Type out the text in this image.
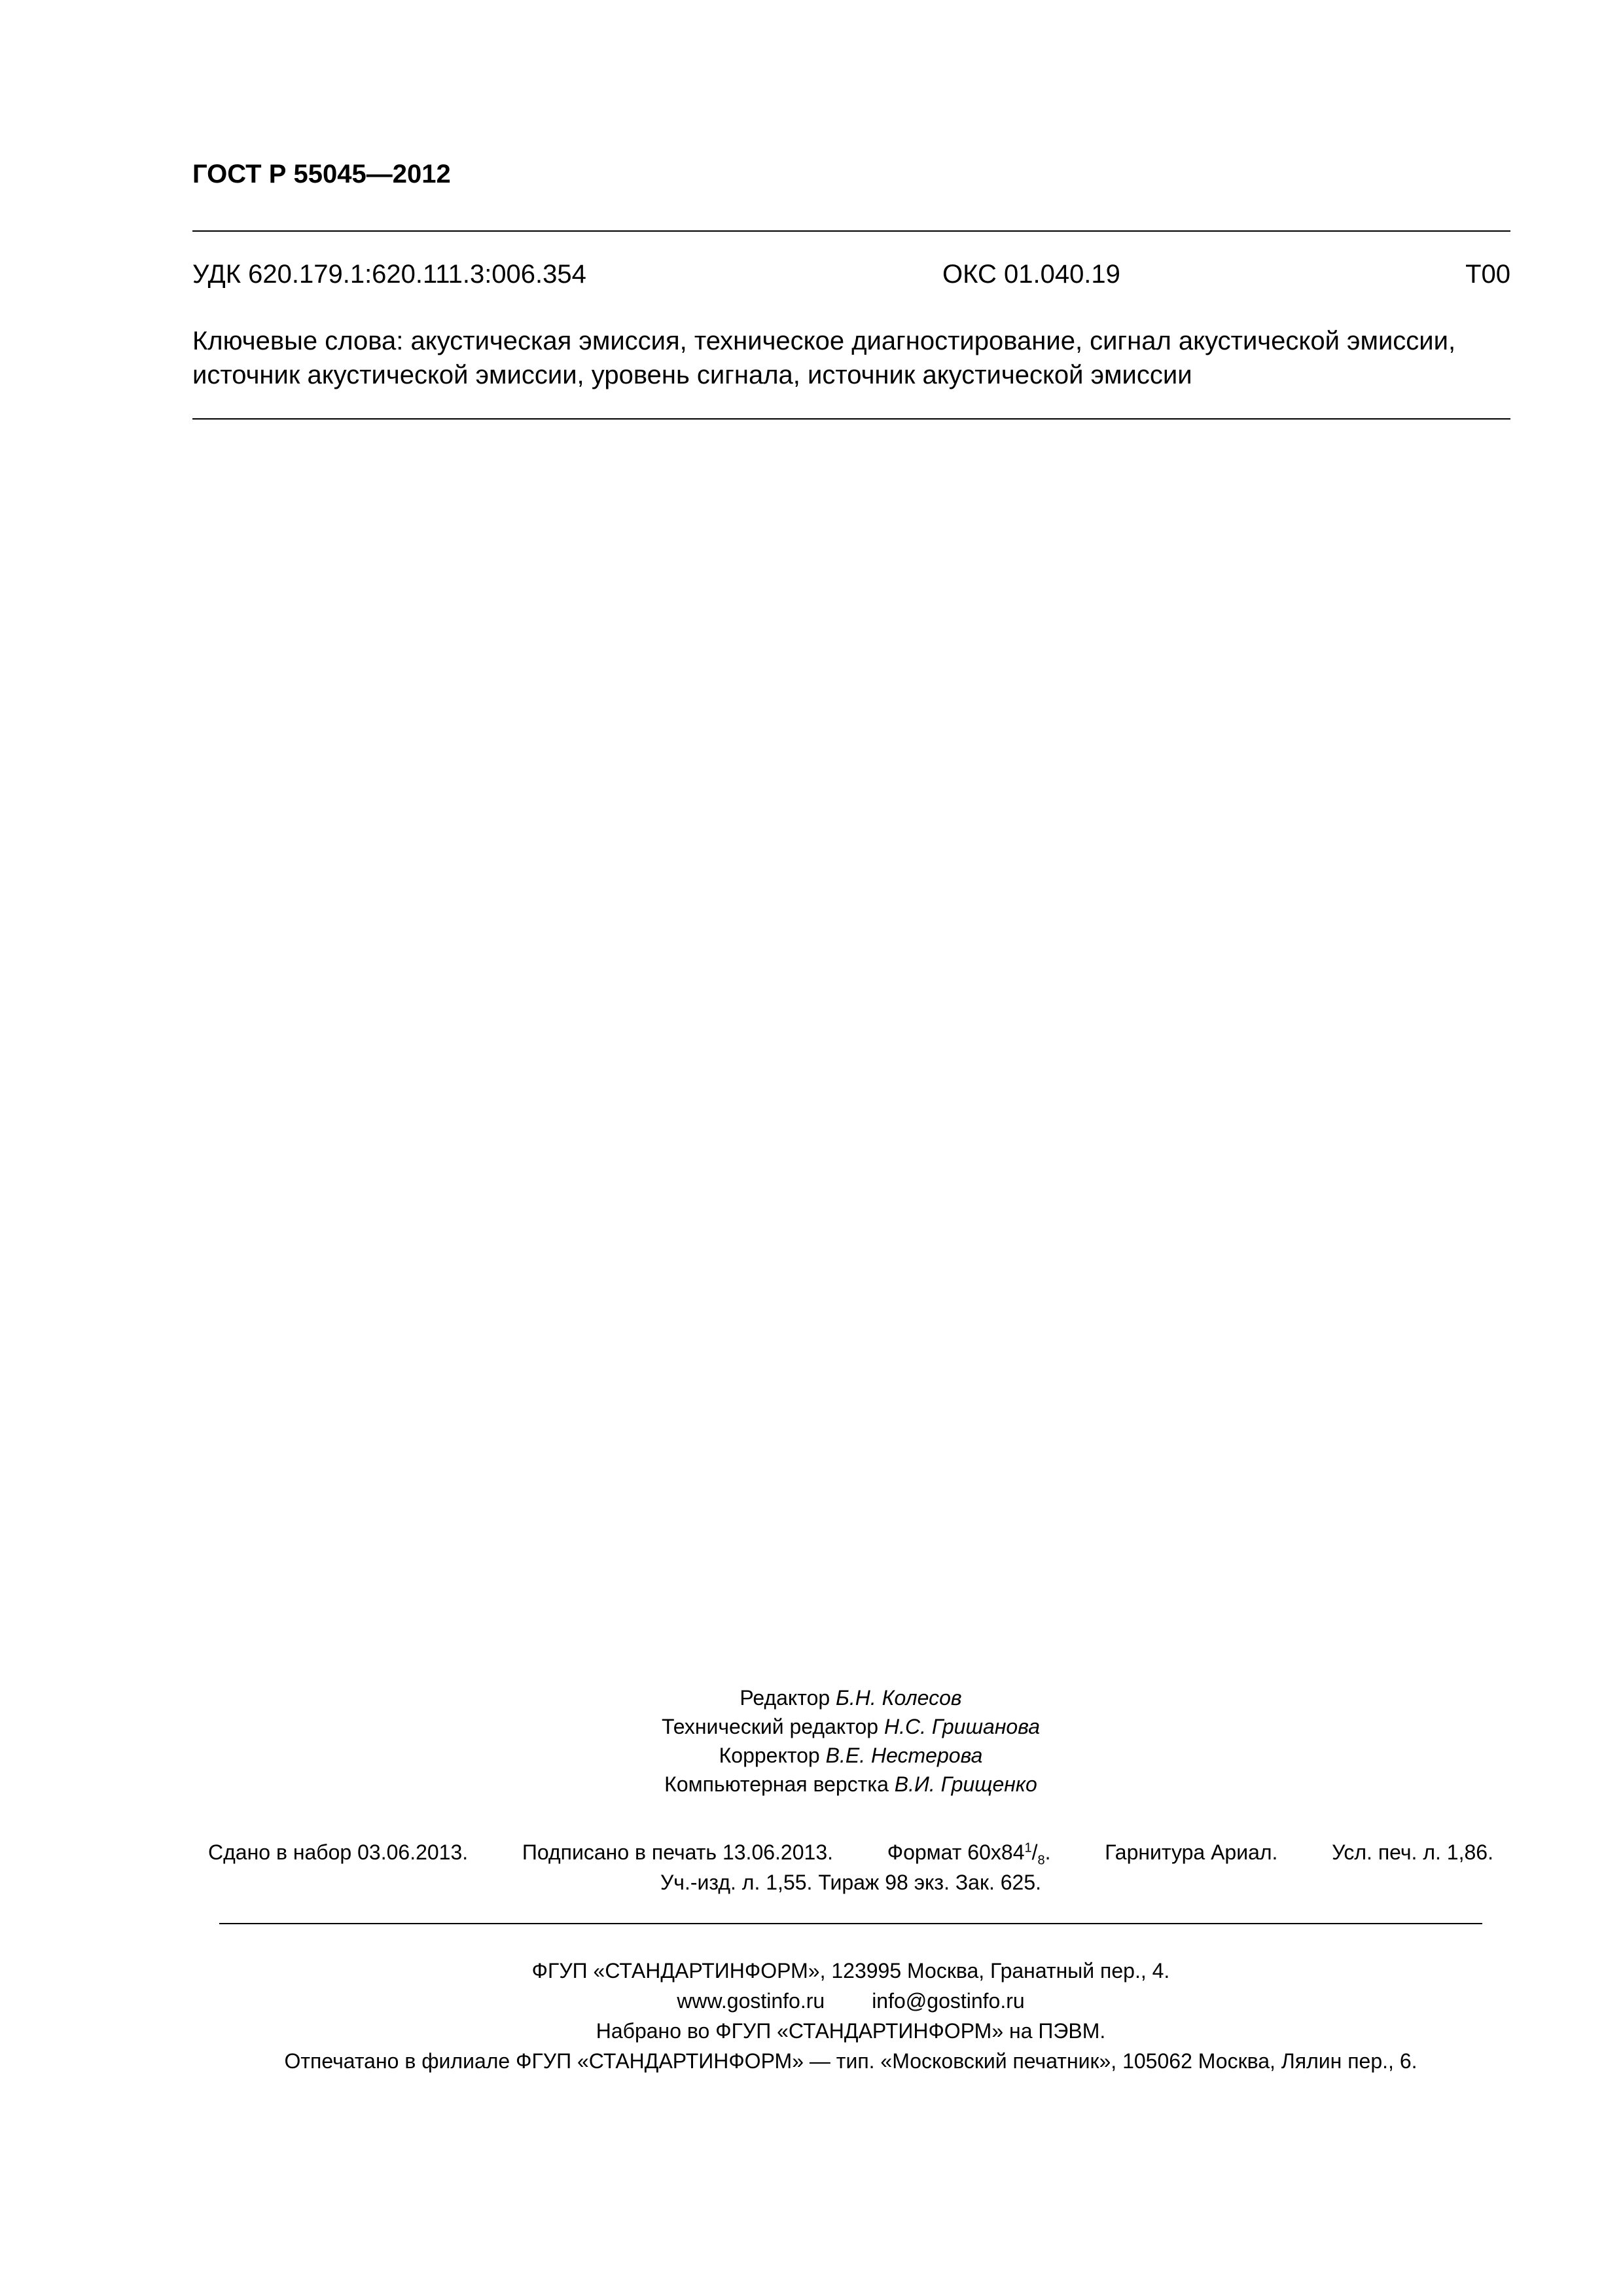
ГОСТ Р 55045—2012
УДК 620.179.1:620.111.3:006.354	ОКС 01.040.19	Т00
Ключевые слова: акустическая эмиссия, техническое диагностирование, сигнал акустической эмиссии,
источник акустической эмиссии, уровень сигнала, источник акустической эмиссии
Редактор Б.Н. Колесов
Технический редактор Н.С. Гришанова
Корректор В.Е. Нестерова
Компьютерная верстка В.И. Грищенко
Сдано в набор 03.06.2013.	Подписано в печать 13.06.2013.	Формат $60x84^1/_8$.	Гарнитура Ариал.	Усл. печ. л. 1,86.
Уч.-изд. л. 1,55. Тираж 98 экз. Зак. 625.
ФГУП «СТАНДАРТИНФОРМ», 123995 Москва, Гранатный пер., 4.
www.gostinfo.ru info@gostinfo.ru
Набрано во ФГУП «СТАНДАРТИНФОРМ» на ПЭВМ.
Отпечатано в филиале ФГУП «СТАНДАРТИНФОРМ» — тип. «Московский печатник», 105062 Москва, Лялин пер., 6.
